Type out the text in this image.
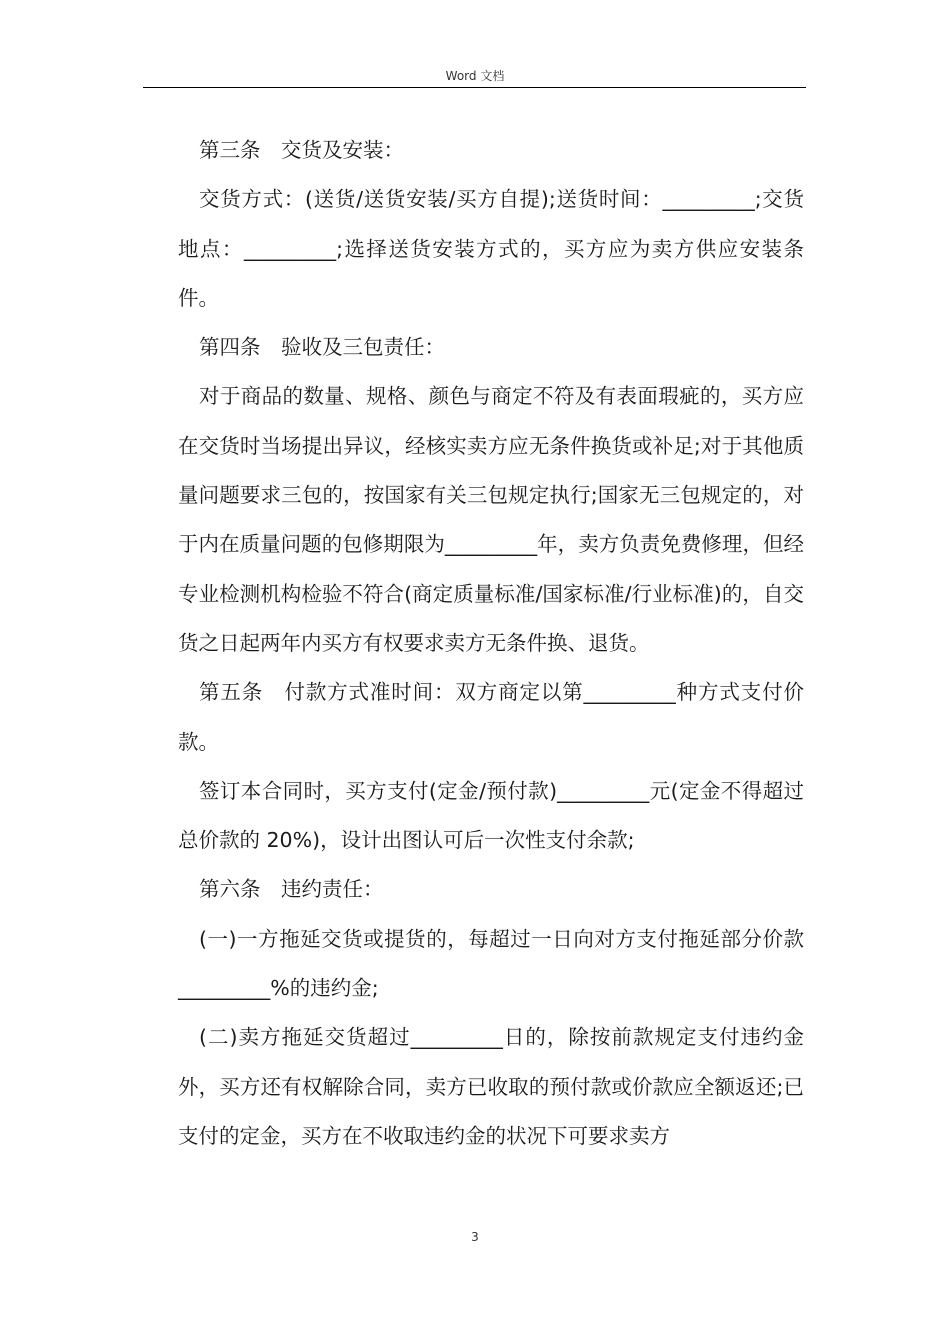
Word 文档

第三条　交货及安装：

交货方式：(送货/送货安装/买方自提);送货时间：_________;交货地点：_________;选择送货安装方式的，买方应为卖方供应安装条件。

第四条　验收及三包责任：

对于商品的数量、规格、颜色与商定不符及有表面瑕疵的，买方应在交货时当场提出异议，经核实卖方应无条件换货或补足;对于其他质量问题要求三包的，按国家有关三包规定执行;国家无三包规定的，对于内在质量问题的包修期限为_________年，卖方负责免费修理，但经专业检测机构检验不符合(商定质量标准/国家标准/行业标准)的，自交货之日起两年内买方有权要求卖方无条件换、退货。

第五条　付款方式准时间：双方商定以第_________种方式支付价款。

签订本合同时，买方支付(定金/预付款)_________元(定金不得超过总价款的 20%)，设计出图认可后一次性支付余款;

第六条　违约责任：

(一)一方拖延交货或提货的，每超过一日向对方支付拖延部分价款_________%的违约金;

(二)卖方拖延交货超过_________日的，除按前款规定支付违约金外，买方还有权解除合同，卖方已收取的预付款或价款应全额返还;已支付的定金，买方在不收取违约金的状况下可要求卖方

3
